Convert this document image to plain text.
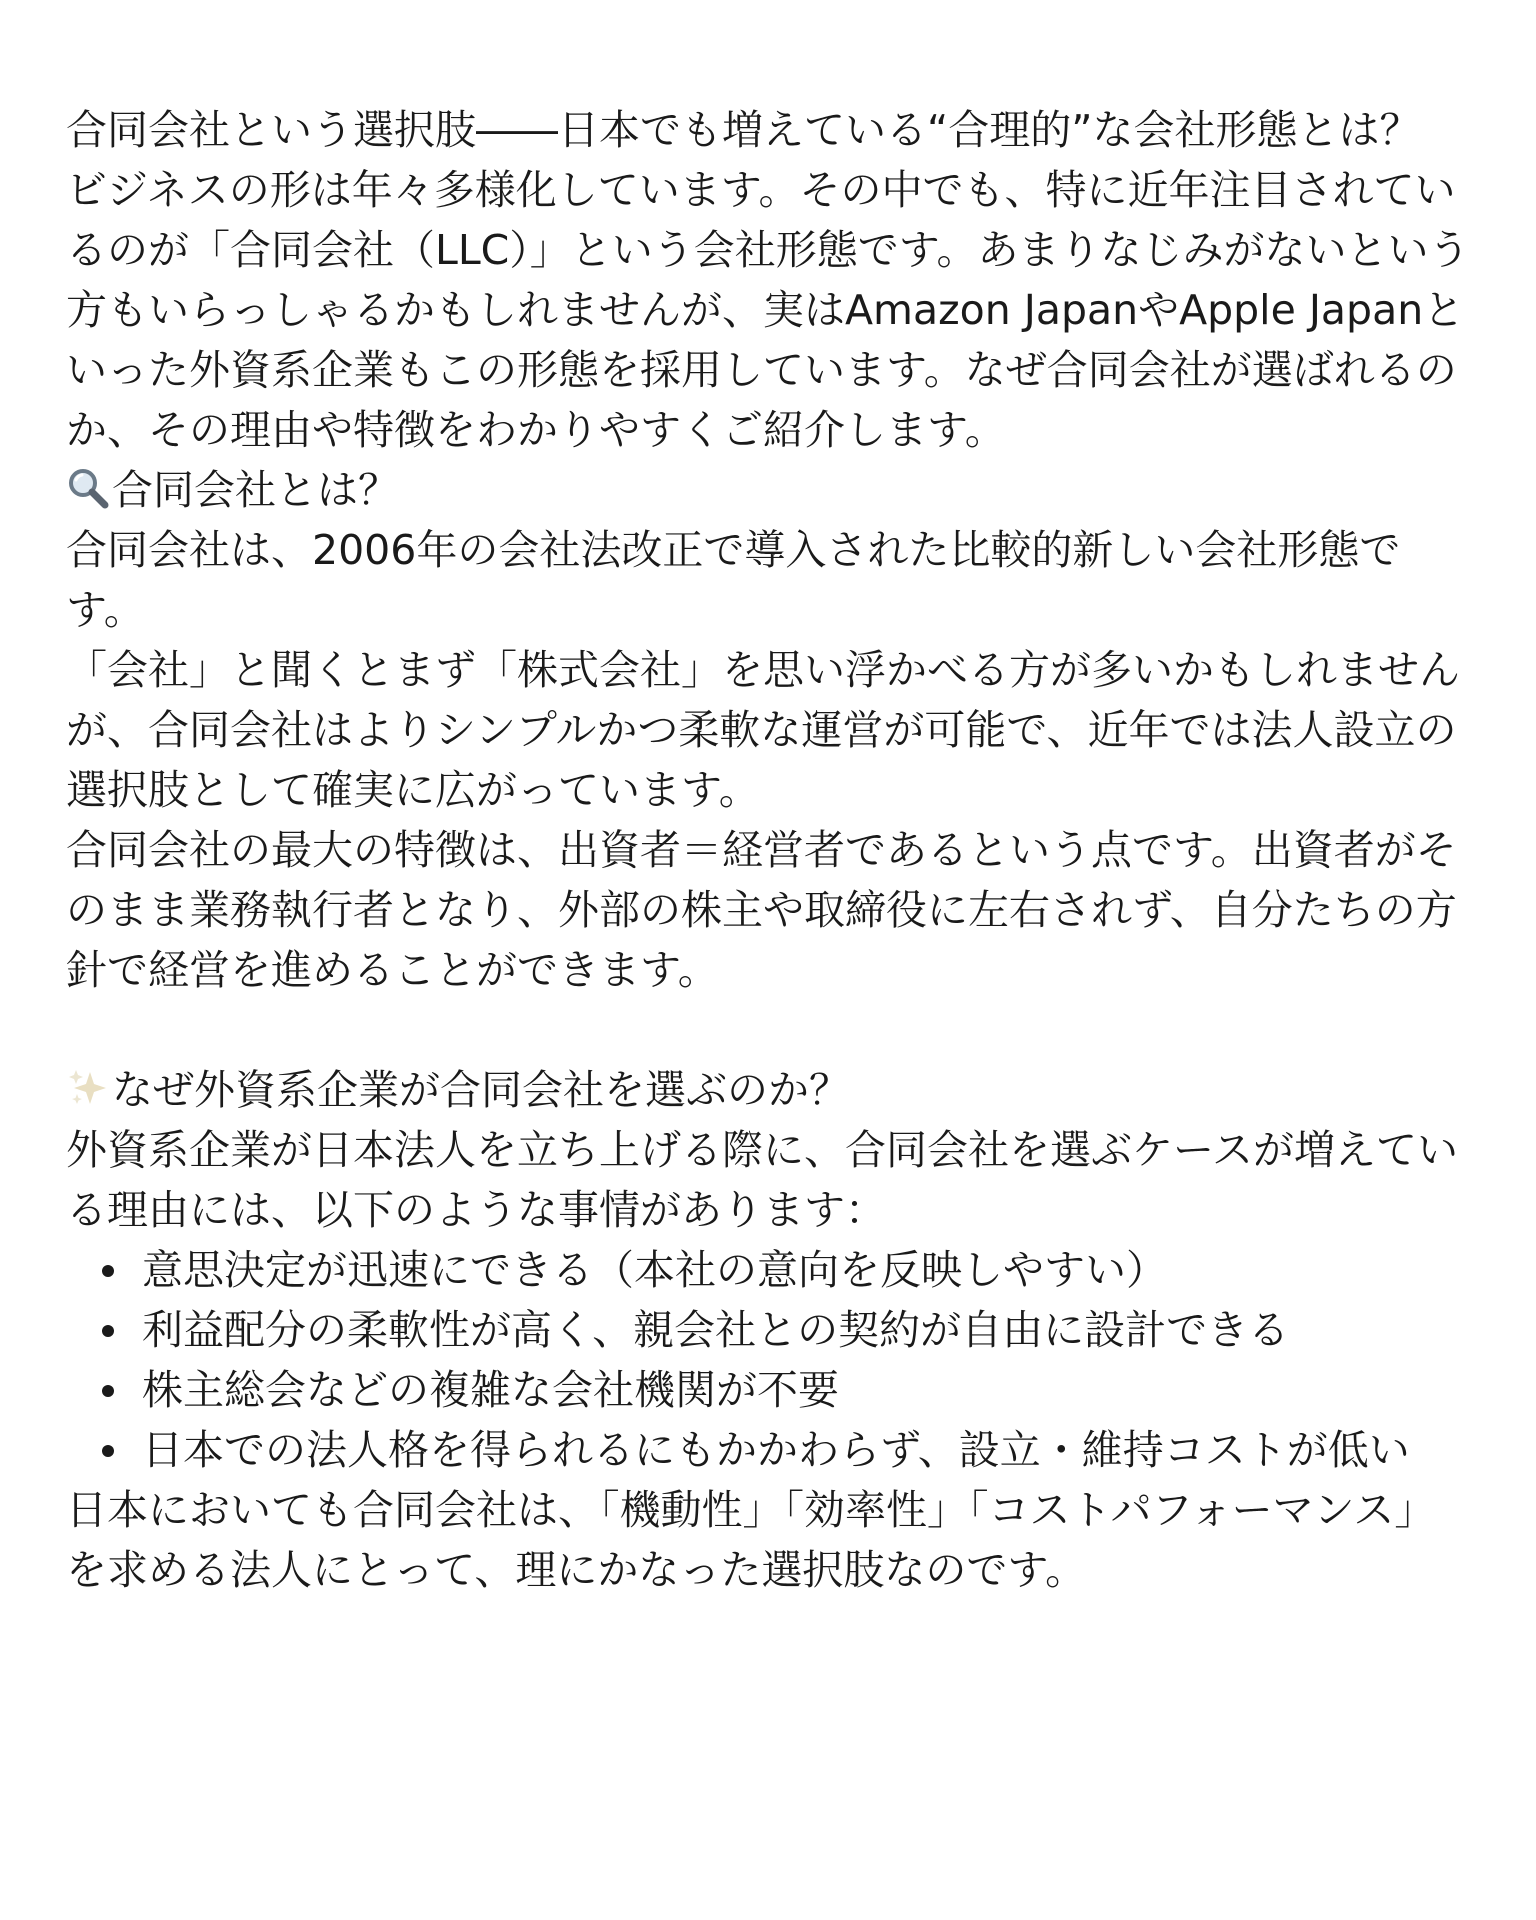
合同会社という選択肢――日本でも増えている“合理的”な会社形態とは？

ビジネスの形は年々多様化しています。その中でも、特に近年注目されているのが「合同会社（LLC）」という会社形態です。あまりなじみがないという方もいらっしゃるかもしれませんが、実はAmazon JapanやApple Japanといった外資系企業もこの形態を採用しています。なぜ合同会社が選ばれるのか、その理由や特徴をわかりやすくご紹介します。

合同会社とは？

合同会社は、2006年の会社法改正で導入された比較的新しい会社形態です。

「会社」と聞くとまず「株式会社」を思い浮かべる方が多いかもしれませんが、合同会社はよりシンプルかつ柔軟な運営が可能で、近年では法人設立の選択肢として確実に広がっています。

合同会社の最大の特徴は、出資者＝経営者であるという点です。出資者がそのまま業務執行者となり、外部の株主や取締役に左右されず、自分たちの方針で経営を進めることができます。

なぜ外資系企業が合同会社を選ぶのか？

外資系企業が日本法人を立ち上げる際に、合同会社を選ぶケースが増えている理由には、以下のような事情があります：

意思決定が迅速にできる（本社の意向を反映しやすい）
利益配分の柔軟性が高く、親会社との契約が自由に設計できる
株主総会などの複雑な会社機関が不要
日本での法人格を得られるにもかかわらず、設立・維持コストが低い

日本においても合同会社は、「機動性」「効率性」「コストパフォーマンス」を求める法人にとって、理にかなった選択肢なのです。
